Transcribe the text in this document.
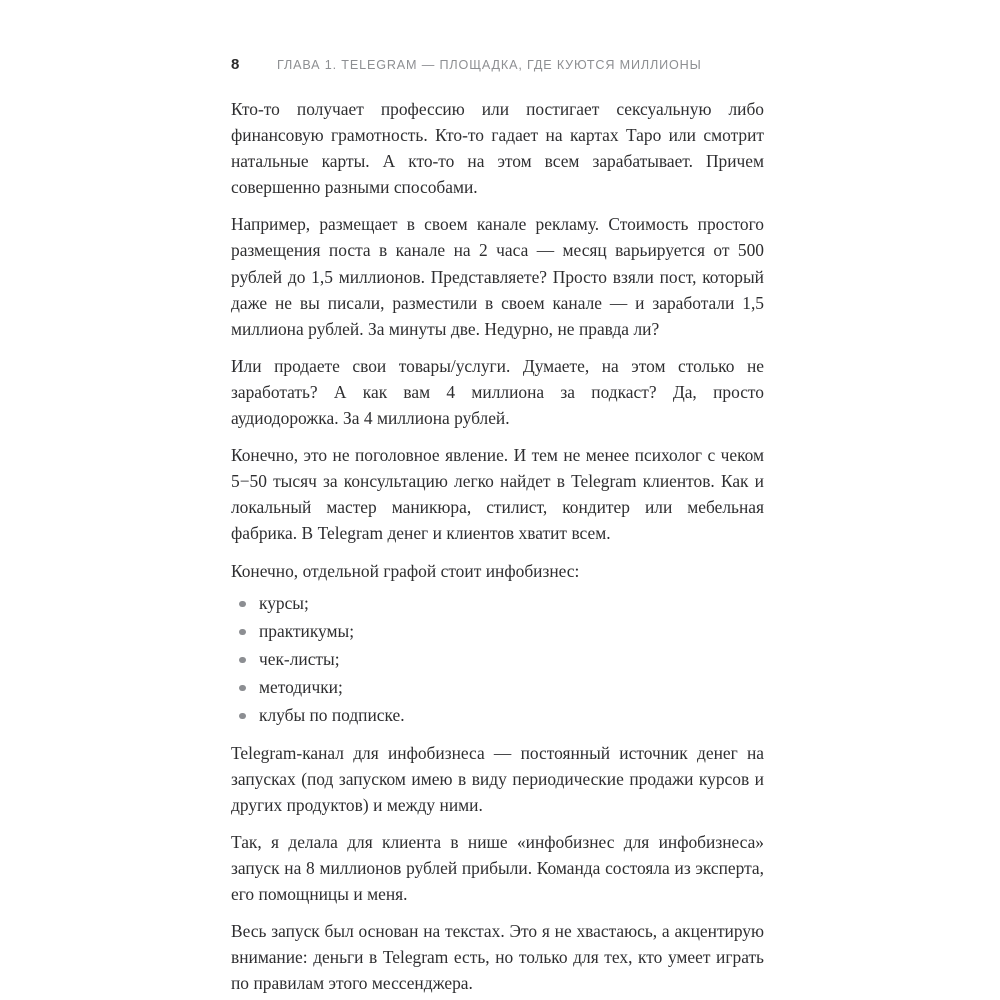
8	ГЛАВА 1. TELEGRAM — ПЛОЩАДКА, ГДЕ КУЮТСЯ МИЛЛИОНЫ

Кто-то получает профессию или постигает сексуальную либо финансовую грамотность. Кто-то гадает на картах Таро или смотрит натальные карты. А кто-то на этом всем зарабатывает. Причем совершенно разными способами.

Например, размещает в своем канале рекламу. Стоимость простого размещения поста в канале на 2 часа — месяц варьируется от 500 рублей до 1,5 миллионов. Представляете? Просто взяли пост, который даже не вы писали, разместили в своем канале — и заработали 1,5 миллиона рублей. За минуты две. Недурно, не правда ли?

Или продаете свои товары/услуги. Думаете, на этом столько не заработать? А как вам 4 миллиона за подкаст? Да, просто аудиодорожка. За 4 миллиона рублей.

Конечно, это не поголовное явление. И тем не менее психолог с чеком 5−50 тысяч за консультацию легко найдет в Telegram клиентов. Как и локальный мастер маникюра, стилист, кондитер или мебельная фабрика. В Telegram денег и клиентов хватит всем.

Конечно, отдельной графой стоит инфобизнес:

курсы;
практикумы;
чек-листы;
методички;
клубы по подписке.

Telegram-канал для инфобизнеса — постоянный источник денег на запусках (под запуском имею в виду периодические продажи курсов и других продуктов) и между ними.

Так, я делала для клиента в нише «инфобизнес для инфобизнеса» запуск на 8 миллионов рублей прибыли. Команда состояла из эксперта, его помощницы и меня.

Весь запуск был основан на текстах. Это я не хвастаюсь, а акцентирую внимание: деньги в Telegram есть, но только для тех, кто умеет играть по правилам этого мессенджера.
